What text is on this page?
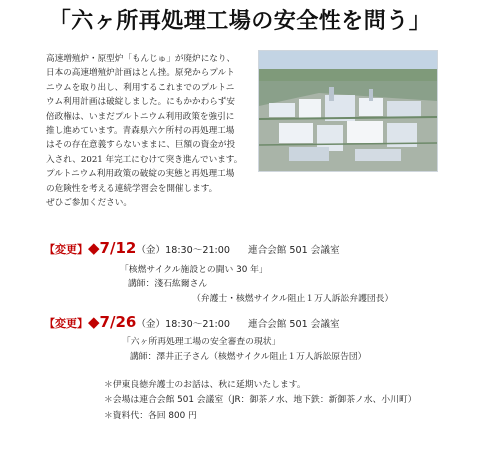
「六ヶ所再処理工場の安全性を問う」
高速増殖炉・原型炉「もんじゅ」が廃炉になり、
日本の高速増殖炉計画はとん挫。原発からプルト
ニウムを取り出し、利用するこれまでのプルトニ
ウム利用計画は破綻しました。にもかかわらず安
倍政権は、いまだプルトニウム利用政策を強引に
推し進めています。青森県六ケ所村の再処理工場
はその存在意義すらないままに、巨額の資金が投
入され、2021 年完工にむけて突き進んでいます。
プルトニウム利用政策の破綻の実態と再処理工場
の危険性を考える連続学習会を開催します。
ぜひご参加ください。
【変更】◆7/12（金）18:30～21:00 連合会館 501 会議室
「核燃サイクル施設との闘い 30 年」
講師：淺石紘爾さん
（弁護士・核燃サイクル阻止１万人訴訟弁護団長）
【変更】◆7/26（金）18:30～21:00 連合会館 501 会議室
「六ヶ所再処理工場の安全審査の現状」
講師：澤井正子さん（核燃サイクル阻止１万人訴訟原告団）
＊伊東良徳弁護士のお話は、秋に延期いたします。
＊会場は連合会館 501 会議室（JR：御茶ノ水、地下鉄：新御茶ノ水、小川町）
＊資料代：各回 800 円
